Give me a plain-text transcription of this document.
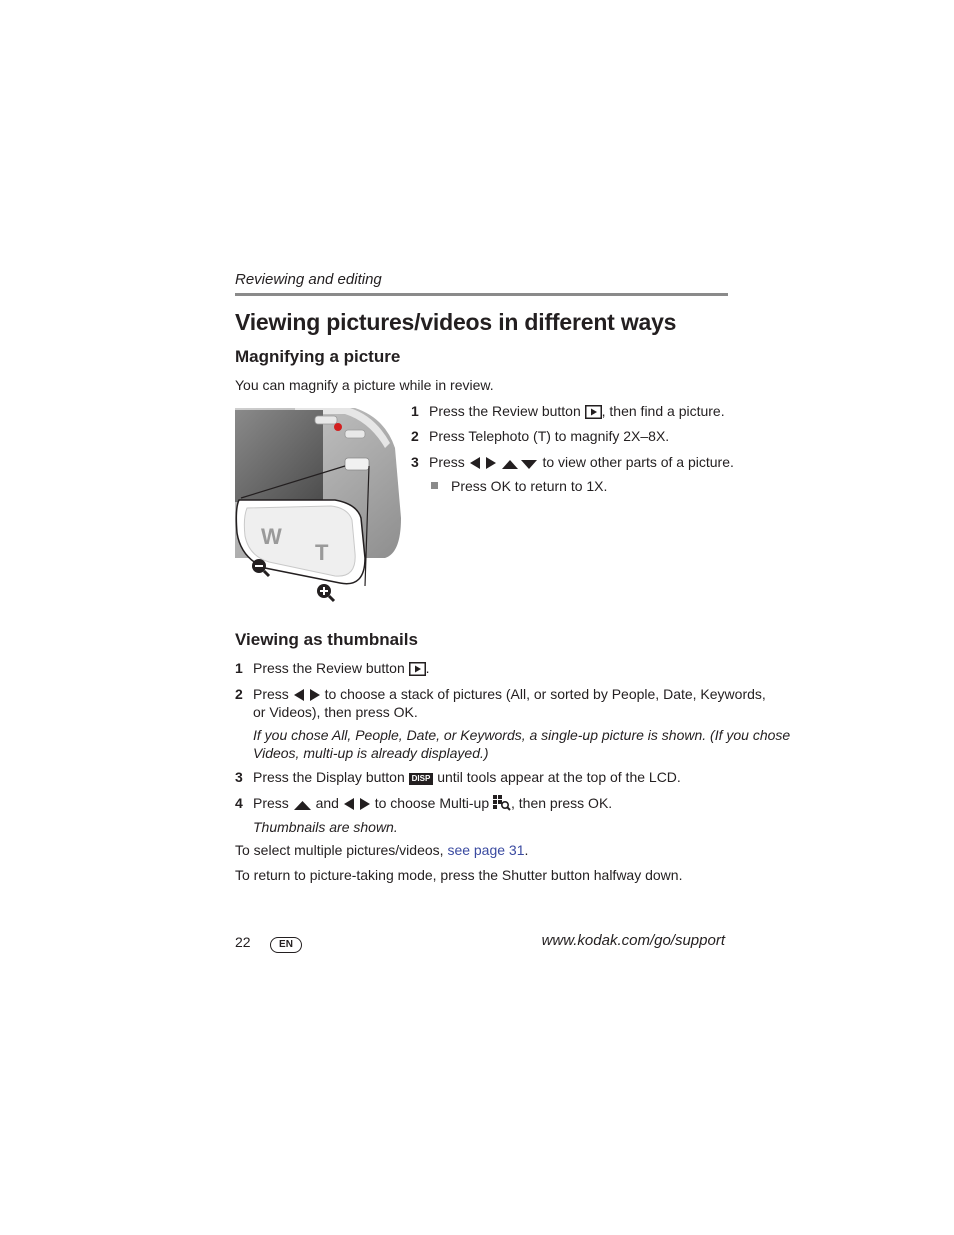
Reviewing and editing
Viewing pictures/videos in different ways
Magnifying a picture
You can magnify a picture while in review.
W
T
1 Press the Review button , then find a picture.
2 Press Telephoto (T) to magnify 2X–8X.
3 Press	to view other parts of a picture.
Press OK to return to 1X.
Viewing as thumbnails
1 Press the Review button .
2 Press	to choose a stack of pictures (All, or sorted by People, Date, Keywords,
or Videos), then press OK.
If you chose All, People, Date, or Keywords, a single-up picture is shown. (If you chose
Videos, multi-up is already displayed.)
3 Press the Display button DISP until tools appear at the top of the LCD.
4 Press and	to choose Multi-up , then press OK.
Thumbnails are shown.
To select multiple pictures/videos, see page 31.
To return to picture-taking mode, press the Shutter button halfway down.
22	EN	www.kodak.com/go/support
